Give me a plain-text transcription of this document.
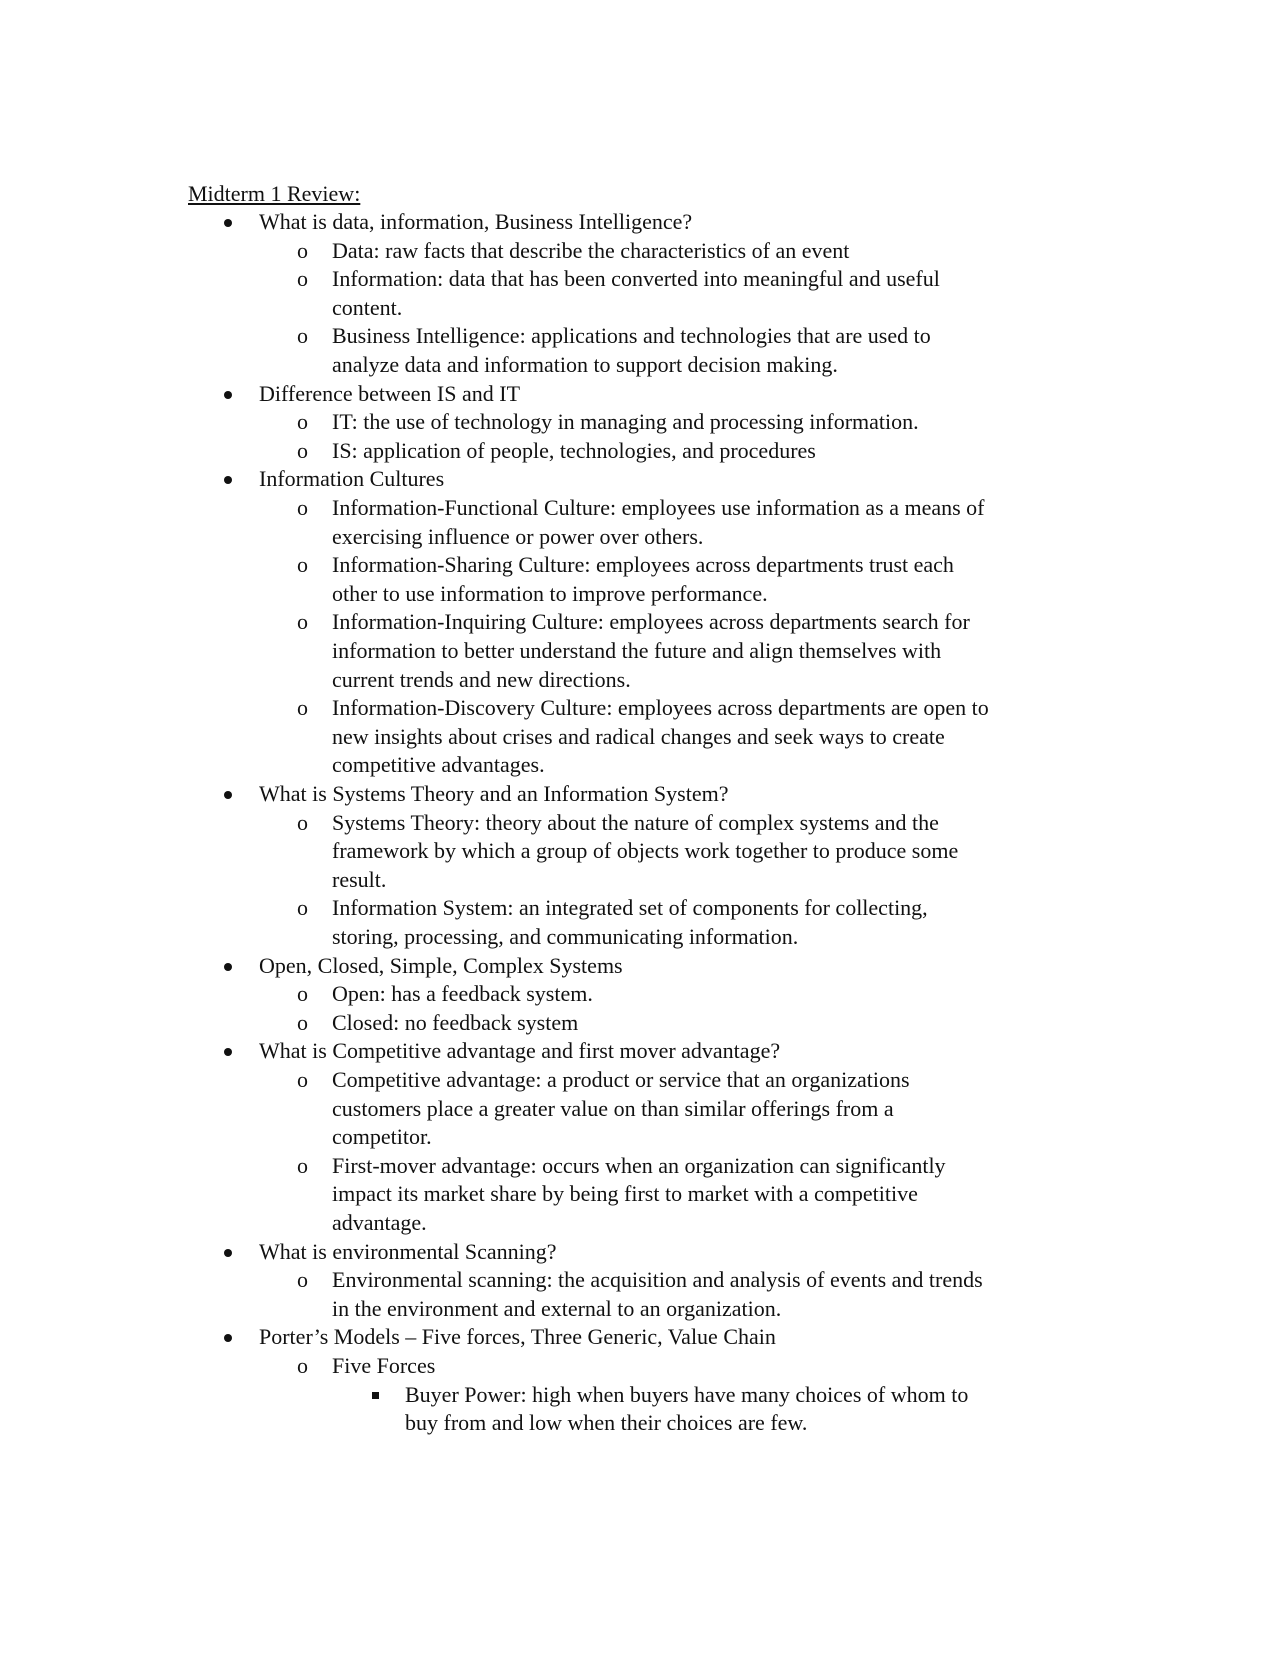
Midterm 1 Review:
What is data, information, Business Intelligence?
o Data: raw facts that describe the characteristics of an event
o Information: data that has been converted into meaningful and useful
content.
o Business Intelligence: applications and technologies that are used to
analyze data and information to support decision making.
Difference between IS and IT
o IT: the use of technology in managing and processing information.
o IS: application of people, technologies, and procedures
Information Cultures
o Information-Functional Culture: employees use information as a means of
exercising influence or power over others.
o Information-Sharing Culture: employees across departments trust each
other to use information to improve performance.
o Information-Inquiring Culture: employees across departments search for
information to better understand the future and align themselves with
current trends and new directions.
o Information-Discovery Culture: employees across departments are open to
new insights about crises and radical changes and seek ways to create
competitive advantages.
What is Systems Theory and an Information System?
o Systems Theory: theory about the nature of complex systems and the
framework by which a group of objects work together to produce some
result.
o Information System: an integrated set of components for collecting,
storing, processing, and communicating information.
Open, Closed, Simple, Complex Systems
o Open: has a feedback system.
o Closed: no feedback system
What is Competitive advantage and first mover advantage?
o Competitive advantage: a product or service that an organizations
customers place a greater value on than similar offerings from a
competitor.
o First-mover advantage: occurs when an organization can significantly
impact its market share by being first to market with a competitive
advantage.
What is environmental Scanning?
o Environmental scanning: the acquisition and analysis of events and trends
in the environment and external to an organization.
Porter’s Models – Five forces, Three Generic, Value Chain
o Five Forces
Buyer Power: high when buyers have many choices of whom to
buy from and low when their choices are few.
